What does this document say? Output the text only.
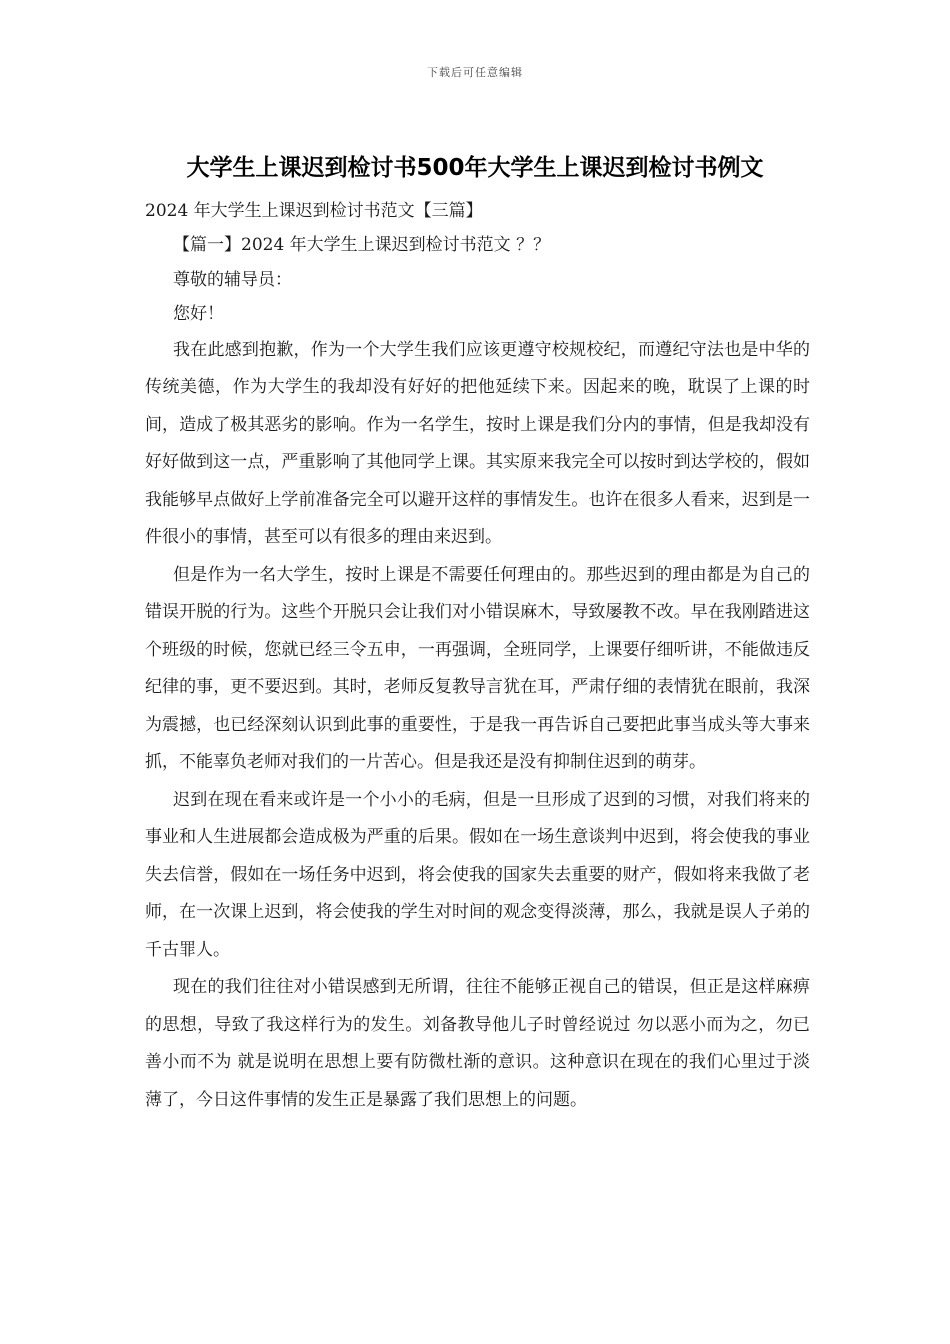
下载后可任意编辑
大学生上课迟到检讨书500年大学生上课迟到检讨书例文

2024 年大学生上课迟到检讨书范文【三篇】

【篇一】2024 年大学生上课迟到检讨书范文 ？？

尊敬的辅导员：

您好！

我在此感到抱歉，作为一个大学生我们应该更遵守校规校纪，而遵纪守法也是中华的传统美德，作为大学生的我却没有好好的把他延续下来。因起来的晚，耽误了上课的时间，造成了极其恶劣的影响。作为一名学生，按时上课是我们分内的事情，但是我却没有好好做到这一点，严重影响了其他同学上课。其实原来我完全可以按时到达学校的，假如我能够早点做好上学前准备完全可以避开这样的事情发生。也许在很多人看来，迟到是一件很小的事情，甚至可以有很多的理由来迟到。

但是作为一名大学生，按时上课是不需要任何理由的。那些迟到的理由都是为自己的错误开脱的行为。这些个开脱只会让我们对小错误麻木，导致屡教不改。早在我刚踏进这个班级的时候，您就已经三令五申，一再强调，全班同学，上课要仔细听讲，不能做违反纪律的事，更不要迟到。其时，老师反复教导言犹在耳，严肃仔细的表情犹在眼前，我深为震撼，也已经深刻认识到此事的重要性，于是我一再告诉自己要把此事当成头等大事来抓，不能辜负老师对我们的一片苦心。但是我还是没有抑制住迟到的萌芽。

迟到在现在看来或许是一个小小的毛病，但是一旦形成了迟到的习惯，对我们将来的事业和人生进展都会造成极为严重的后果。假如在一场生意谈判中迟到，将会使我的事业失去信誉，假如在一场任务中迟到，将会使我的国家失去重要的财产，假如将来我做了老师，在一次课上迟到，将会使我的学生对时间的观念变得淡薄，那么，我就是误人子弟的千古罪人。

现在的我们往往对小错误感到无所谓，往往不能够正视自己的错误，但正是这样麻痹的思想，导致了我这样行为的发生。刘备教导他儿子时曾经说过 勿以恶小而为之，勿已善小而不为 就是说明在思想上要有防微杜渐的意识。这种意识在现在的我们心里过于淡薄了，今日这件事情的发生正是暴露了我们思想上的问题。
